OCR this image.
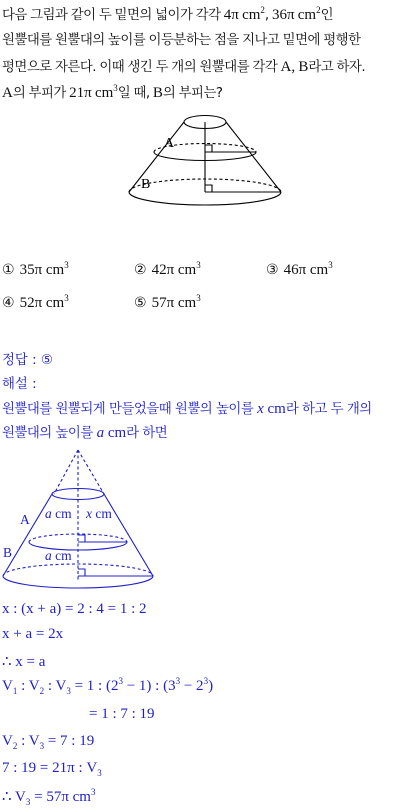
다음 그림과 같이 두 밑면의 넓이가 각각 4π $cm^2$, 36π $cm^2$인
원뿔대를 원뿔대의 높이를 이등분하는 점을 지나고 밑면에 평행한
평면으로 자른다. 이때 생긴 두 개의 원뿔대를 각각 A, B라고 하자.
A의 부피가 21π $cm^3$일 때, B의 부피는?
A
B
① 35π $cm^3$	② 42π $cm^3$	③ 46π $cm^3$
④ 52π $cm^3$	⑤ 57π $cm^3$
정답 : ⑤
해설 :
원뿔대를 원뿔되게 만들었을때 원뿔의 높이를 x cm라 하고 두 개의
원뿔대의 높이를 a cm라 하면
A
B
a cm x cm
a cm
x : (x + a) = 2 : 4 = 1 : 2
x + a = 2x
∴ x = a
$V_1$ : $V_2$ : $V_3 = 1$ : $(2^3 - 1)$ : $(3^3 - 2^3)$
= 1 : 7 : 19
$V_2$ : $V_3 = 7$ : 19
7 : 19 = 21π : $V_3$
∴ $V_3 = 57\pi$ $cm^3$
